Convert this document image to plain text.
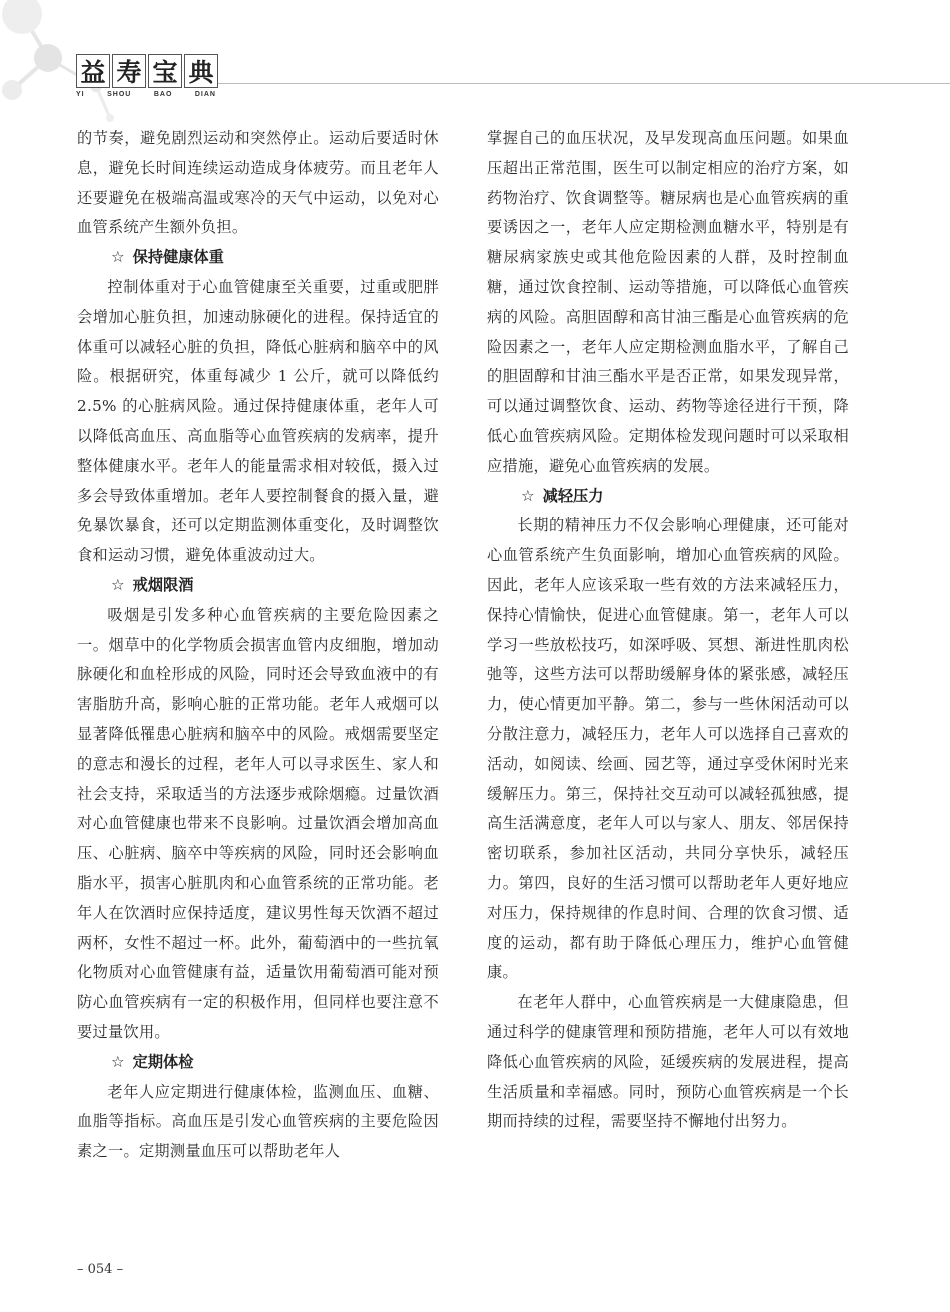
益 寿 宝 典
YI	SHOU	BAO	DIAN

的节奏，避免剧烈运动和突然停止。运动后要适时休息，避免长时间连续运动造成身体疲劳。而且老年人还要避免在极端高温或寒冷的天气中运动，以免对心血管系统产生额外负担。

☆ 保持健康体重

控制体重对于心血管健康至关重要，过重或肥胖会增加心脏负担，加速动脉硬化的进程。保持适宜的体重可以减轻心脏的负担，降低心脏病和脑卒中的风险。根据研究，体重每减少 1 公斤，就可以降低约 2.5% 的心脏病风险。通过保持健康体重，老年人可以降低高血压、高血脂等心血管疾病的发病率，提升整体健康水平。老年人的能量需求相对较低，摄入过多会导致体重增加。老年人要控制餐食的摄入量，避免暴饮暴食，还可以定期监测体重变化，及时调整饮食和运动习惯，避免体重波动过大。

☆ 戒烟限酒

吸烟是引发多种心血管疾病的主要危险因素之一。烟草中的化学物质会损害血管内皮细胞，增加动脉硬化和血栓形成的风险，同时还会导致血液中的有害脂肪升高，影响心脏的正常功能。老年人戒烟可以显著降低罹患心脏病和脑卒中的风险。戒烟需要坚定的意志和漫长的过程，老年人可以寻求医生、家人和社会支持，采取适当的方法逐步戒除烟瘾。过量饮酒对心血管健康也带来不良影响。过量饮酒会增加高血压、心脏病、脑卒中等疾病的风险，同时还会影响血脂水平，损害心脏肌肉和心血管系统的正常功能。老年人在饮酒时应保持适度，建议男性每天饮酒不超过两杯，女性不超过一杯。此外，葡萄酒中的一些抗氧化物质对心血管健康有益，适量饮用葡萄酒可能对预防心血管疾病有一定的积极作用，但同样也要注意不要过量饮用。

☆ 定期体检

老年人应定期进行健康体检，监测血压、血糖、血脂等指标。高血压是引发心血管疾病的主要危险因素之一。定期测量血压可以帮助老年人

掌握自己的血压状况，及早发现高血压问题。如果血压超出正常范围，医生可以制定相应的治疗方案，如药物治疗、饮食调整等。糖尿病也是心血管疾病的重要诱因之一，老年人应定期检测血糖水平，特别是有糖尿病家族史或其他危险因素的人群，及时控制血糖，通过饮食控制、运动等措施，可以降低心血管疾病的风险。高胆固醇和高甘油三酯是心血管疾病的危险因素之一，老年人应定期检测血脂水平，了解自己的胆固醇和甘油三酯水平是否正常，如果发现异常，可以通过调整饮食、运动、药物等途径进行干预，降低心血管疾病风险。定期体检发现问题时可以采取相应措施，避免心血管疾病的发展。

☆ 减轻压力

长期的精神压力不仅会影响心理健康，还可能对心血管系统产生负面影响，增加心血管疾病的风险。因此，老年人应该采取一些有效的方法来减轻压力，保持心情愉快，促进心血管健康。第一，老年人可以学习一些放松技巧，如深呼吸、冥想、渐进性肌肉松弛等，这些方法可以帮助缓解身体的紧张感，减轻压力，使心情更加平静。第二，参与一些休闲活动可以分散注意力，减轻压力，老年人可以选择自己喜欢的活动，如阅读、绘画、园艺等，通过享受休闲时光来缓解压力。第三，保持社交互动可以减轻孤独感，提高生活满意度，老年人可以与家人、朋友、邻居保持密切联系，参加社区活动，共同分享快乐，减轻压力。第四，良好的生活习惯可以帮助老年人更好地应对压力，保持规律的作息时间、合理的饮食习惯、适度的运动，都有助于降低心理压力，维护心血管健康。

在老年人群中，心血管疾病是一大健康隐患，但通过科学的健康管理和预防措施，老年人可以有效地降低心血管疾病的风险，延缓疾病的发展进程，提高生活质量和幸福感。同时，预防心血管疾病是一个长期而持续的过程，需要坚持不懈地付出努力。

– 054 –
